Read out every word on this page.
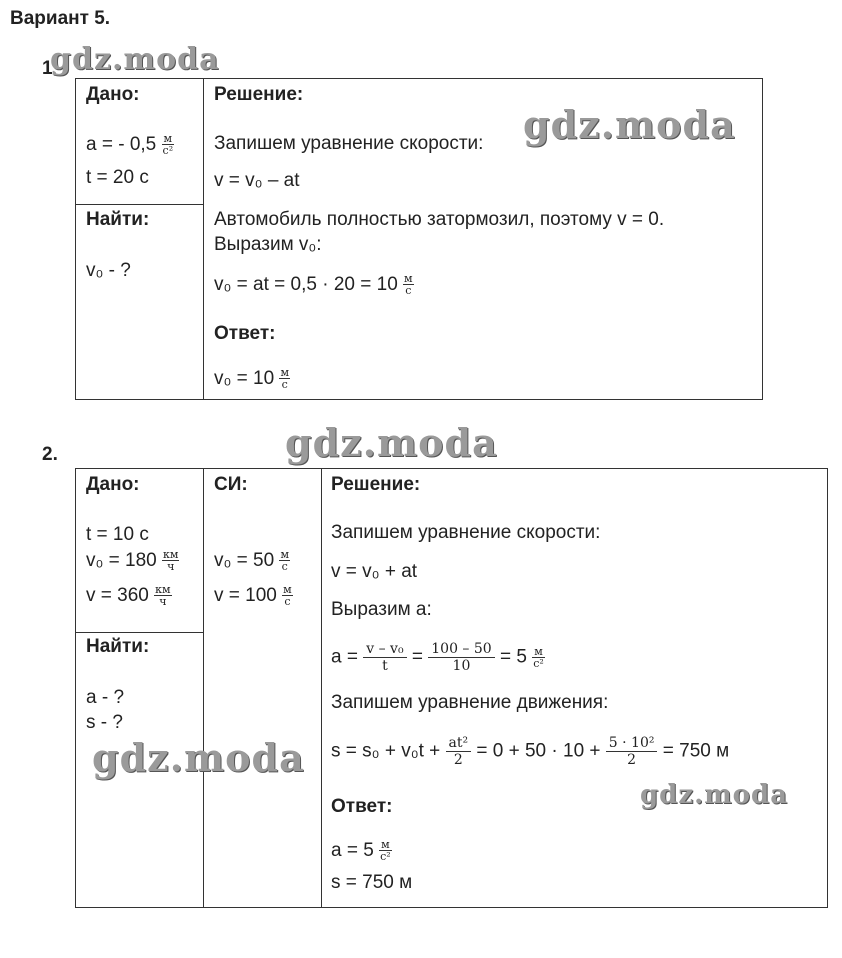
Вариант 5.
1
gdz.moda
Дано:
a = - $0,5 \frac{м}{\text{с²}}$
t = 20 с
Найти:
v₀ - ?
Решение:
Запишем уравнение скорости:
v = v₀ – at
Автомобиль полностью затормозил, поэтому v = 0.
Выразим v₀:
v₀ = at = $0,5 \cdot 20 = 10 \frac{м}{с}$
Ответ:
$v_0 = 10 \frac{м}{с}$
gdz.moda
2.	gdz.moda
Дано:
t = 10 с
$v_0 = 180 \frac{км}{ч}$
$v = 360 \frac{км}{ч}$
Найти:
a - ?
s - ?
СИ:
$v_0 = 50 \frac{м}{с}$
$v = 100 \frac{м}{с}$
Решение:
Запишем уравнение скорости:
v = v₀ + at
Выразим a:
$a = \frac{\text{v – v₀}}{t} = \frac{100 - 50}{10} = 5 \frac{м}{\text{с²}}$
Запишем уравнение движения:
$s = s_0 + v_0t + \frac{\text{at²}}{2} = 0 + 50 \cdot 10 + \frac{\text{5 · 10²}}{2} = 750$ м
Ответ:
$a = 5 \frac{м}{\text{с²}}$
s = 750 м
gdz.moda
gdz.moda
